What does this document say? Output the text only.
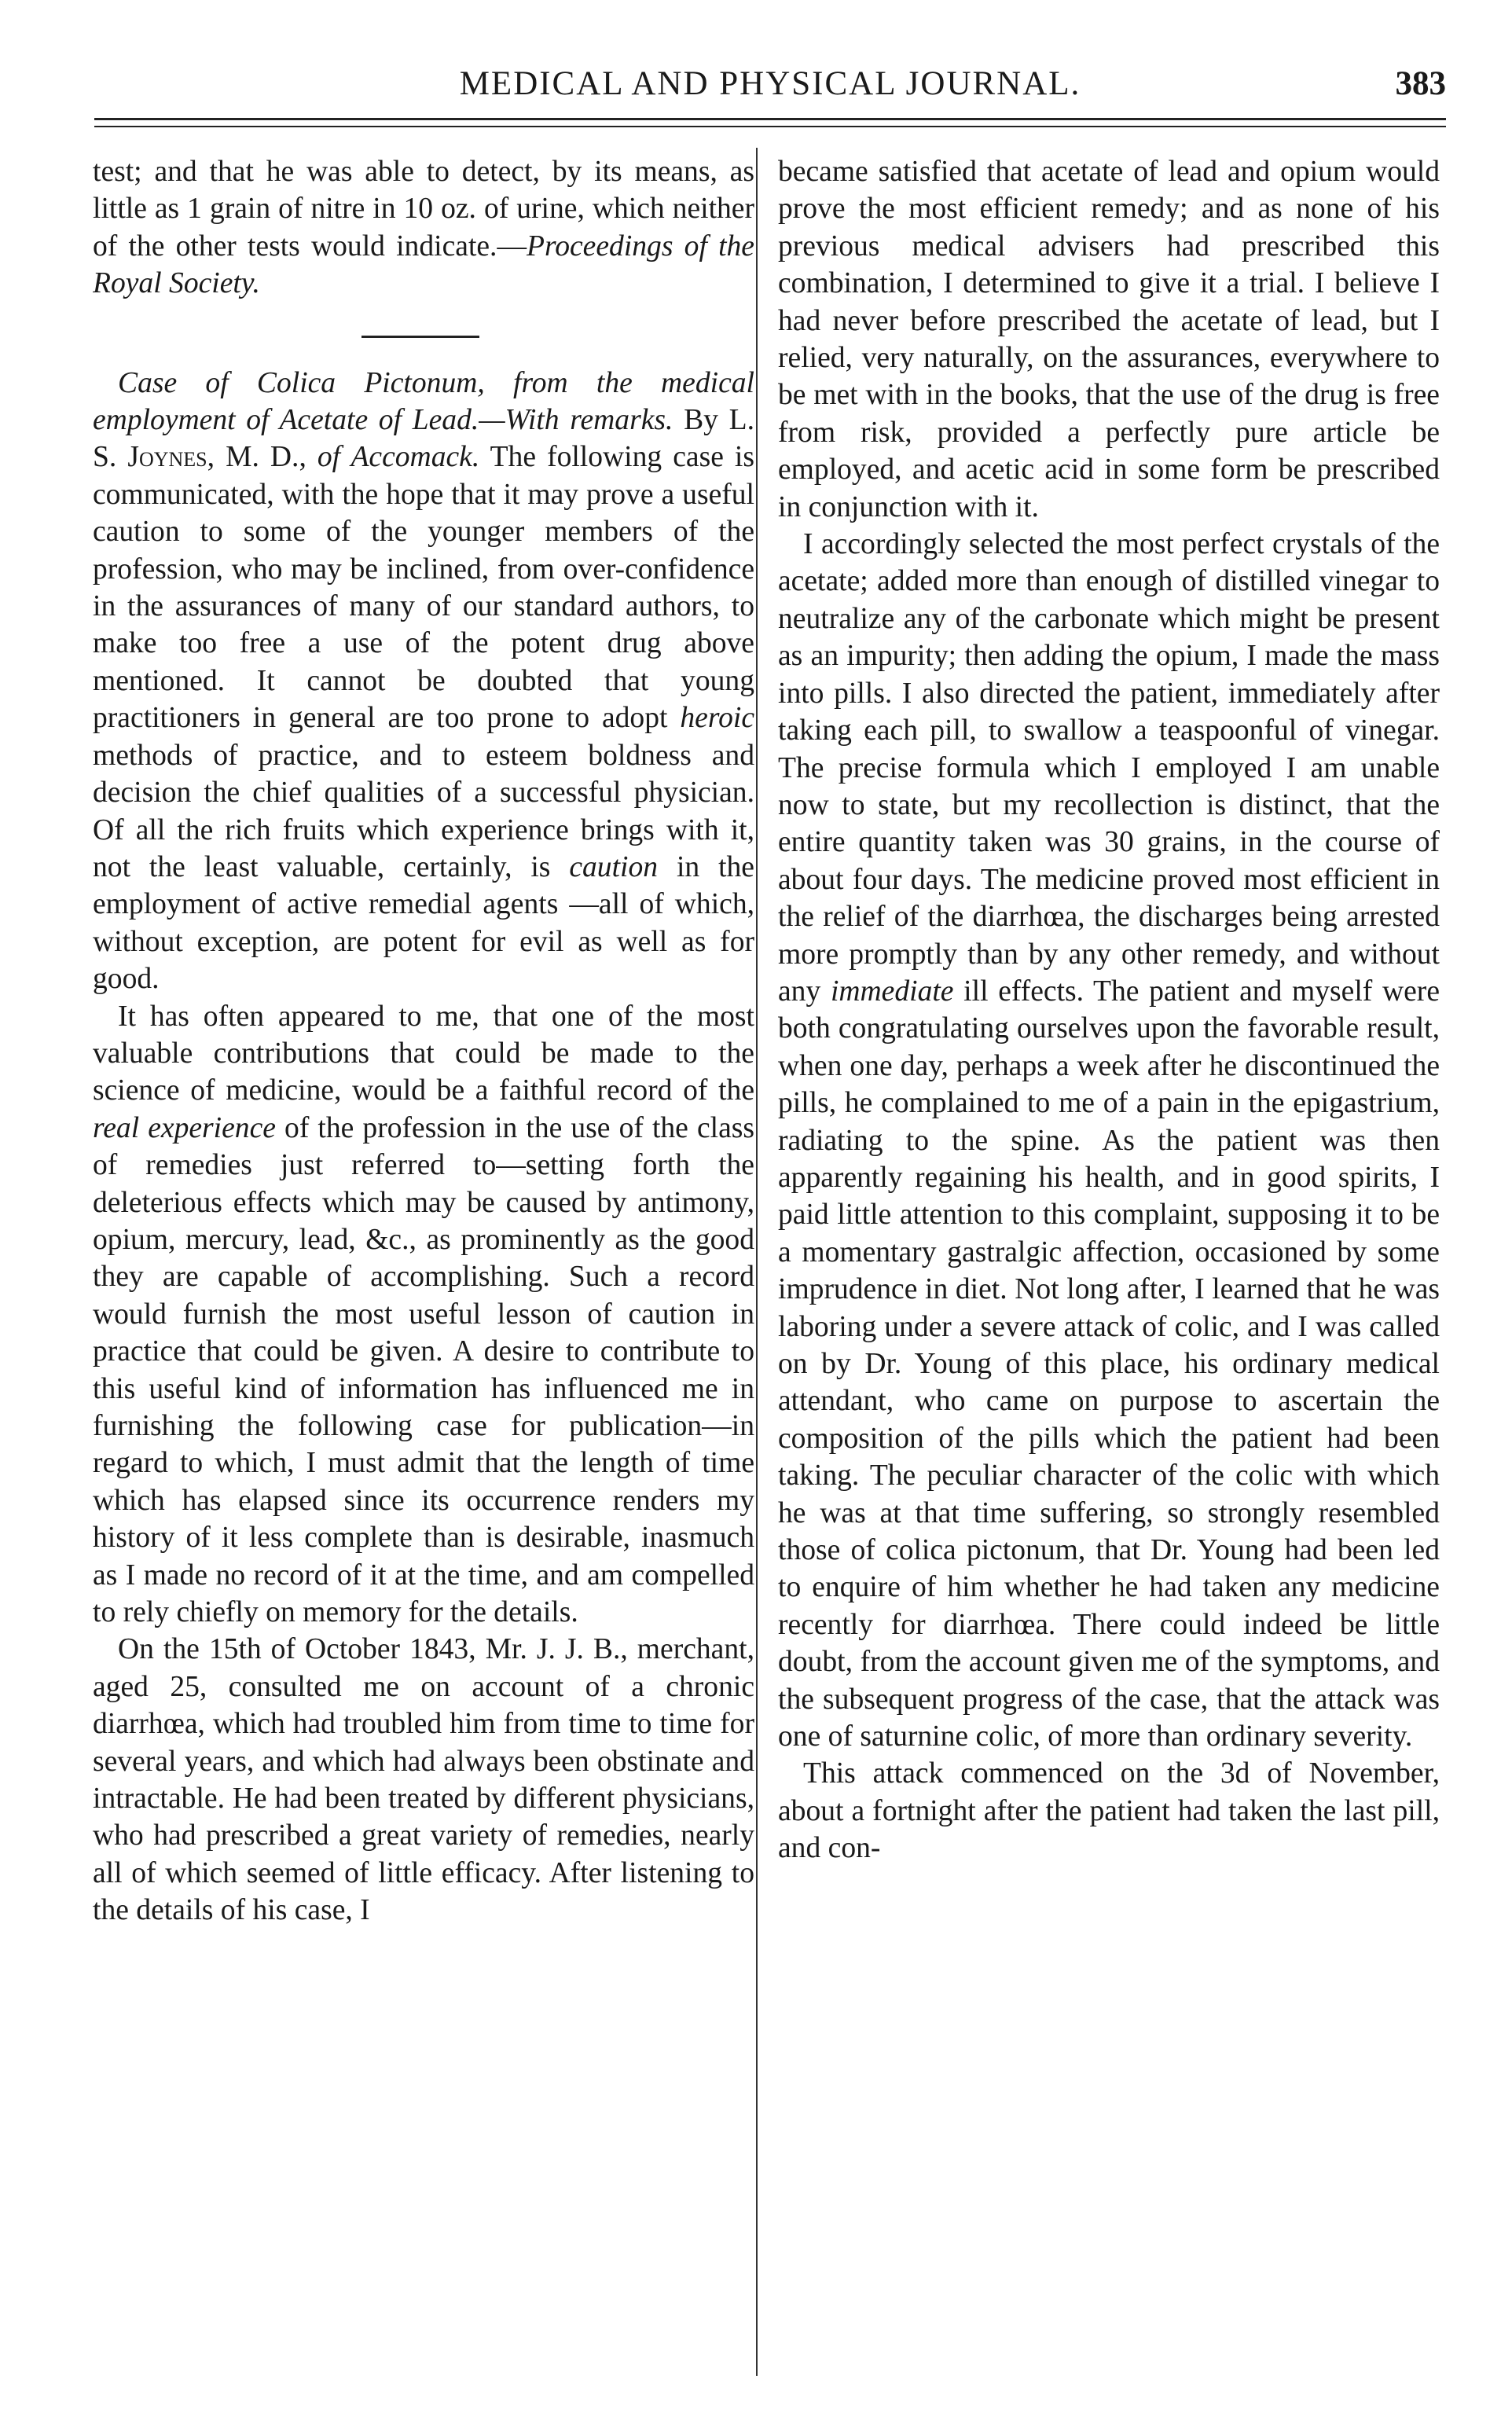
MEDICAL AND PHYSICAL JOURNAL.	383

test; and that he was able to detect, by its means, as little as 1 grain of nitre in 10 oz. of urine, which neither of the other tests would indicate.—Proceedings of the Royal Society.

Case of Colica Pictonum, from the medical employment of Acetate of Lead.—With remarks. By L. S. Joynes, M. D., of Accomack. The following case is communicated, with the hope that it may prove a useful caution to some of the younger members of the profession, who may be inclined, from over-confidence in the assurances of many of our standard authors, to make too free a use of the potent drug above mentioned. It cannot be doubted that young practitioners in general are too prone to adopt heroic methods of practice, and to esteem boldness and decision the chief qualities of a successful physician. Of all the rich fruits which experience brings with it, not the least valuable, certainly, is caution in the employment of active remedial agents —all of which, without exception, are potent for evil as well as for good.

It has often appeared to me, that one of the most valuable contributions that could be made to the science of medicine, would be a faithful record of the real experience of the profession in the use of the class of remedies just referred to—setting forth the deleterious effects which may be caused by antimony, opium, mercury, lead, &c., as prominently as the good they are capable of accomplishing. Such a record would furnish the most useful lesson of caution in practice that could be given. A desire to contribute to this useful kind of information has influenced me in furnishing the following case for publication—in regard to which, I must admit that the length of time which has elapsed since its occurrence renders my history of it less complete than is desirable, inasmuch as I made no record of it at the time, and am compelled to rely chiefly on memory for the details.

On the 15th of October 1843, Mr. J. J. B., merchant, aged 25, consulted me on account of a chronic diarrhœa, which had troubled him from time to time for several years, and which had always been obstinate and intractable. He had been treated by different physicians, who had prescribed a great variety of remedies, nearly all of which seemed of little efficacy. After listening to the details of his case, I

became satisfied that acetate of lead and opium would prove the most efficient remedy; and as none of his previous medical advisers had prescribed this combination, I determined to give it a trial. I believe I had never before prescribed the acetate of lead, but I relied, very naturally, on the assurances, everywhere to be met with in the books, that the use of the drug is free from risk, provided a perfectly pure article be employed, and acetic acid in some form be prescribed in conjunction with it.

I accordingly selected the most perfect crystals of the acetate; added more than enough of distilled vinegar to neutralize any of the carbonate which might be present as an impurity; then adding the opium, I made the mass into pills. I also directed the patient, immediately after taking each pill, to swallow a teaspoonful of vinegar. The precise formula which I employed I am unable now to state, but my recollection is distinct, that the entire quantity taken was 30 grains, in the course of about four days. The medicine proved most efficient in the relief of the diarrhœa, the discharges being arrested more promptly than by any other remedy, and without any immediate ill effects. The patient and myself were both congratulating ourselves upon the favorable result, when one day, perhaps a week after he discontinued the pills, he complained to me of a pain in the epigastrium, radiating to the spine. As the patient was then apparently regaining his health, and in good spirits, I paid little attention to this complaint, supposing it to be a momentary gastralgic affection, occasioned by some imprudence in diet. Not long after, I learned that he was laboring under a severe attack of colic, and I was called on by Dr. Young of this place, his ordinary medical attendant, who came on purpose to ascertain the composition of the pills which the patient had been taking. The peculiar character of the colic with which he was at that time suffering, so strongly resembled those of colica pictonum, that Dr. Young had been led to enquire of him whether he had taken any medicine recently for diarrhœa. There could indeed be little doubt, from the account given me of the symptoms, and the subsequent progress of the case, that the attack was one of saturnine colic, of more than ordinary severity.

This attack commenced on the 3d of November, about a fortnight after the patient had taken the last pill, and con-
